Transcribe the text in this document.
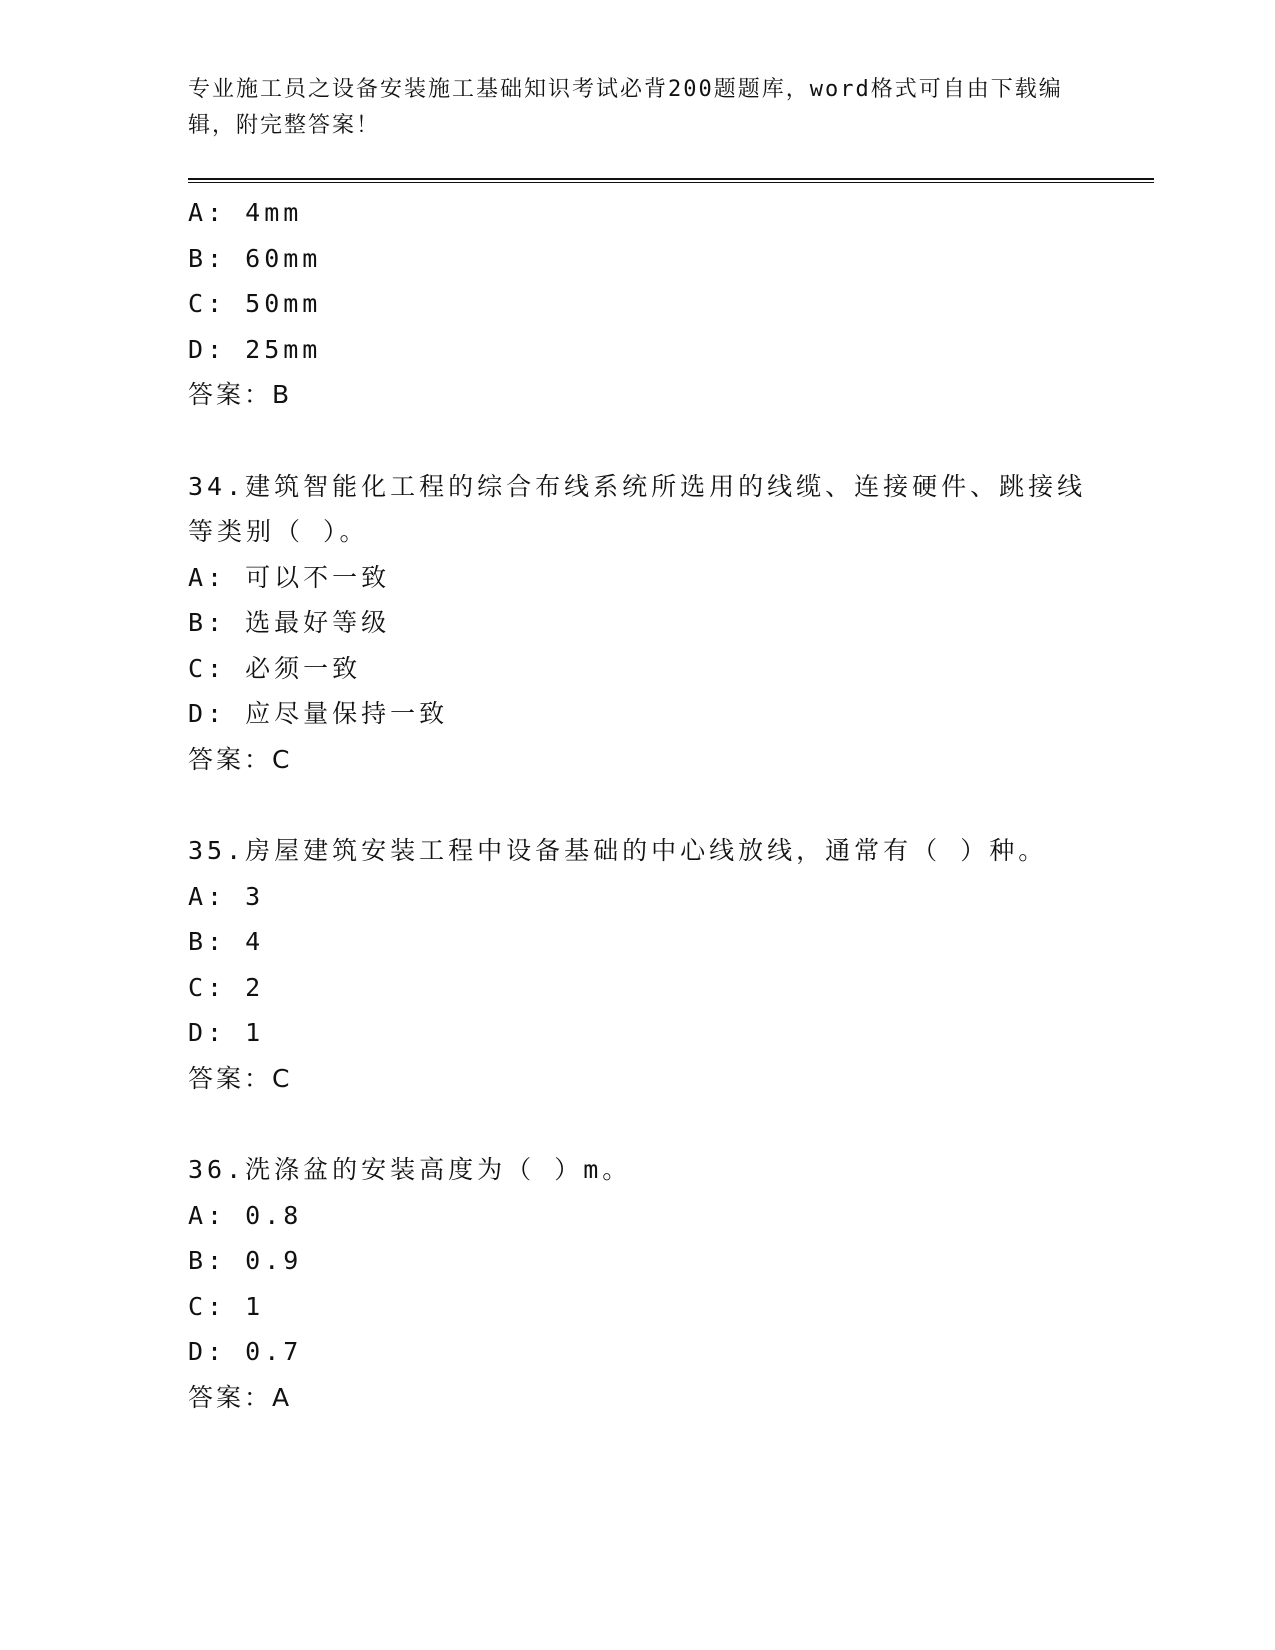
专业施工员之设备安装施工基础知识考试必背200题题库，word格式可自由下载编辑，附完整答案！
A: 4mm
B: 60mm
C: 50mm
D: 25mm
答案：B
34.建筑智能化工程的综合布线系统所选用的线缆、连接硬件、跳接线等类别（ ）。
A: 可以不一致
B: 选最好等级
C: 必须一致
D: 应尽量保持一致
答案：C
35.房屋建筑安装工程中设备基础的中心线放线，通常有（ ）种。
A: 3
B: 4
C: 2
D: 1
答案：C
36.洗涤盆的安装高度为（ ）m。
A: 0.8
B: 0.9
C: 1
D: 0.7
答案：A
